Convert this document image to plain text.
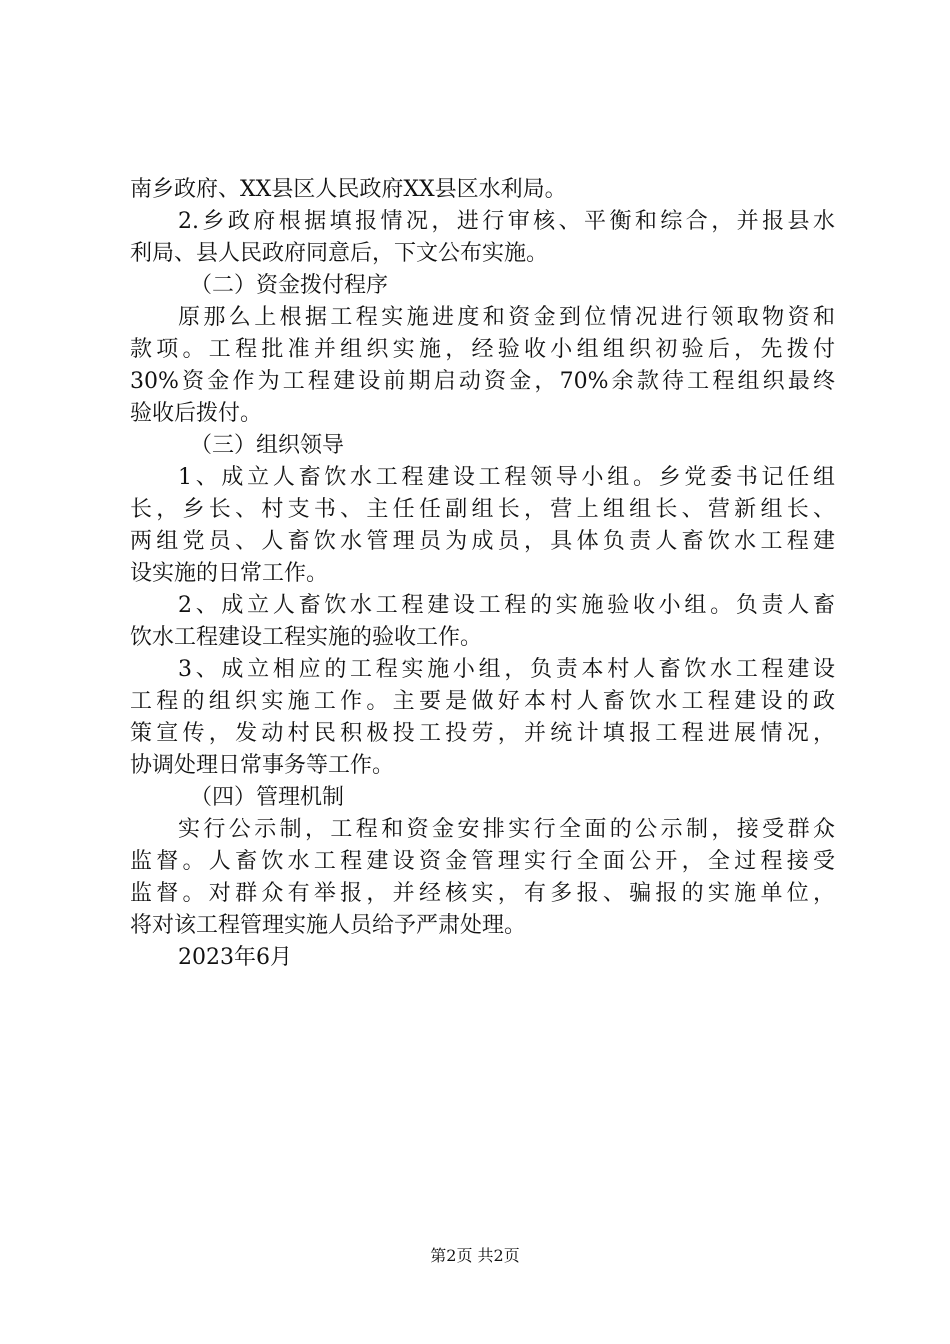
南乡政府、XX县区人民政府XX县区水利局。
2.乡政府根据填报情况，进行审核、平衡和综合，并报县水
利局、县人民政府同意后，下文公布实施。
（二）资金拨付程序
原那么上根据工程实施进度和资金到位情况进行领取物资和
款项。工程批准并组织实施，经验收小组组织初验后，先拨付
30%资金作为工程建设前期启动资金，70%余款待工程组织最终
验收后拨付。
（三）组织领导
1、成立人畜饮水工程建设工程领导小组。乡党委书记任组
长，乡长、村支书、主任任副组长，营上组组长、营新组长、
两组党员、人畜饮水管理员为成员，具体负责人畜饮水工程建
设实施的日常工作。
2、成立人畜饮水工程建设工程的实施验收小组。负责人畜
饮水工程建设工程实施的验收工作。
3、成立相应的工程实施小组，负责本村人畜饮水工程建设
工程的组织实施工作。主要是做好本村人畜饮水工程建设的政
策宣传，发动村民积极投工投劳，并统计填报工程进展情况，
协调处理日常事务等工作。
（四）管理机制
实行公示制，工程和资金安排实行全面的公示制，接受群众
监督。人畜饮水工程建设资金管理实行全面公开，全过程接受
监督。对群众有举报，并经核实，有多报、骗报的实施单位，
将对该工程管理实施人员给予严肃处理。
2023年6月
第2页 共2页
